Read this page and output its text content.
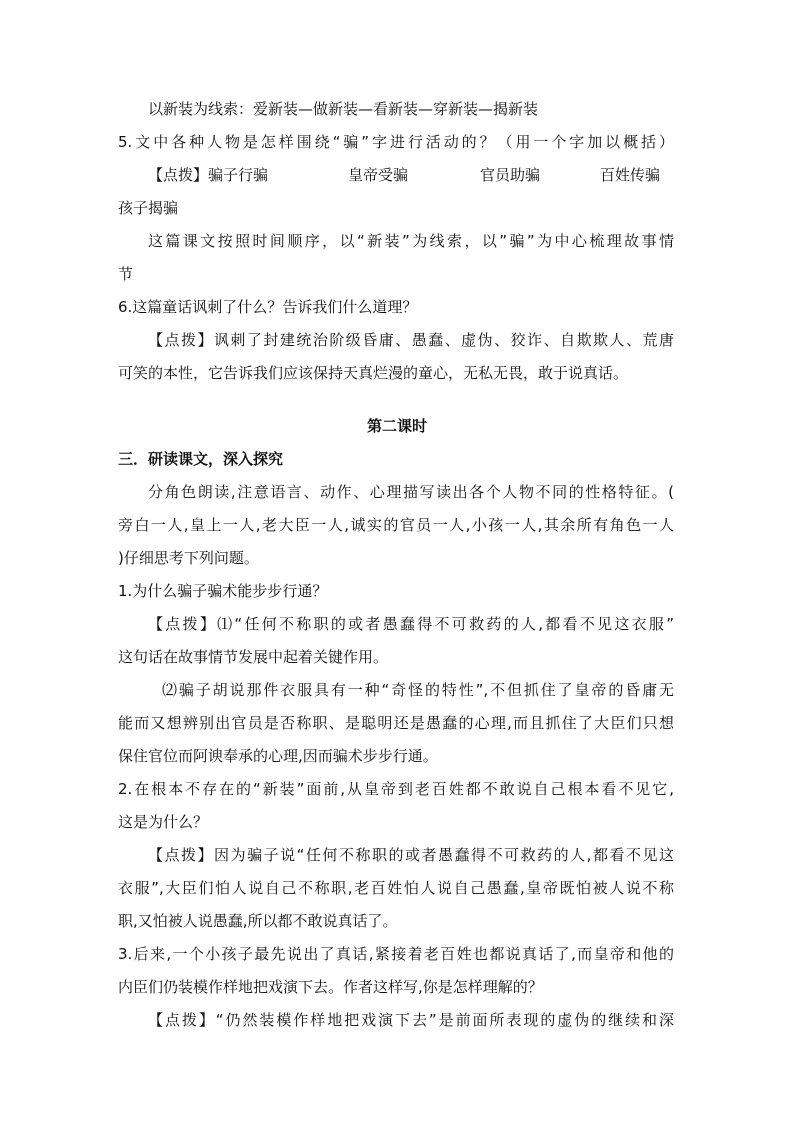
以新装为线索：爱新装—做新装—看新装—穿新装—揭新装
5.文中各种人物是怎样围绕“骗”字进行活动的？（用一个字加以概括）
【点拨】骗子行骗	皇帝受骗	官员助骗	百姓传骗
孩子揭骗
这篇课文按照时间顺序，以“新装”为线索，以”骗”为中心梳理故事情
节
6.这篇童话讽刺了什么？告诉我们什么道理？
【点拨】讽刺了封建统治阶级昏庸、愚蠢、虚伪、狡诈、自欺欺人、荒唐
可笑的本性，它告诉我们应该保持天真烂漫的童心，无私无畏，敢于说真话。
第二课时
三．研读课文，深入探究
分角色朗读,注意语言、动作、心理描写读出各个人物不同的性格特征。(
旁白一人,皇上一人,老大臣一人,诚实的官员一人,小孩一人,其余所有角色一人
)仔细思考下列问题。
1.为什么骗子骗术能步步行通？
【点拨】⑴“任何不称职的或者愚蠢得不可救药的人,都看不见这衣服”
这句话在故事情节发展中起着关键作用。
⑵骗子胡说那件衣服具有一种“奇怪的特性”,不但抓住了皇帝的昏庸无
能而又想辨别出官员是否称职、是聪明还是愚蠢的心理,而且抓住了大臣们只想
保住官位而阿谀奉承的心理,因而骗术步步行通。
2.在根本不存在的“新装”面前,从皇帝到老百姓都不敢说自己根本看不见它,
这是为什么？
【点拨】因为骗子说“任何不称职的或者愚蠢得不可救药的人,都看不见这
衣服”,大臣们怕人说自己不称职,老百姓怕人说自己愚蠢,皇帝既怕被人说不称
职,又怕被人说愚蠢,所以都不敢说真话了。
3.后来,一个小孩子最先说出了真话,紧接着老百姓也都说真话了,而皇帝和他的
内臣们仍装模作样地把戏演下去。作者这样写,你是怎样理解的？
【点拨】“仍然装模作样地把戏演下去”是前面所表现的虚伪的继续和深
